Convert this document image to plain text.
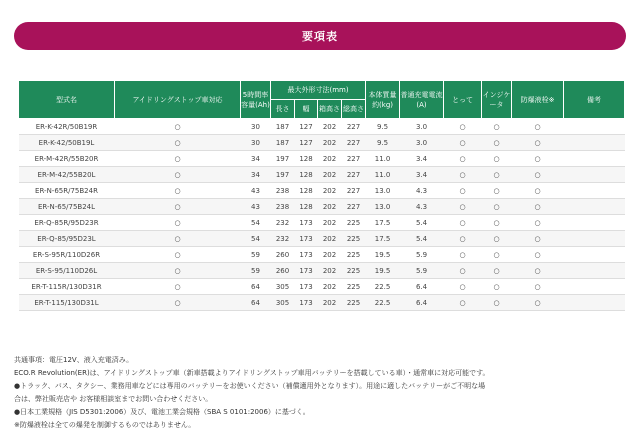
要項表
型式名	アイドリングストップ車対応	5時間率容量(Ah)	最大外形寸法(mm)				本体質量約(kg)	普通充電電流(A)	とって	インジケータ	防爆液栓※	備考
			長さ	幅	箱高さ	総高さ						
ER-K-42R/50B19R	○	30	187	127	202	227	9.5	3.0	○	○	○	
ER-K-42/50B19L	○	30	187	127	202	227	9.5	3.0	○	○	○	
ER-M-42R/55B20R	○	34	197	128	202	227	11.0	3.4	○	○	○	
ER-M-42/55B20L	○	34	197	128	202	227	11.0	3.4	○	○	○	
ER-N-65R/75B24R	○	43	238	128	202	227	13.0	4.3	○	○	○	
ER-N-65/75B24L	○	43	238	128	202	227	13.0	4.3	○	○	○	
ER-Q-85R/95D23R	○	54	232	173	202	225	17.5	5.4	○	○	○	
ER-Q-85/95D23L	○	54	232	173	202	225	17.5	5.4	○	○	○	
ER-S-95R/110D26R	○	59	260	173	202	225	19.5	5.9	○	○	○	
ER-S-95/110D26L	○	59	260	173	202	225	19.5	5.9	○	○	○	
ER-T-115R/130D31R	○	64	305	173	202	225	22.5	6.4	○	○	○	
ER-T-115/130D31L	○	64	305	173	202	225	22.5	6.4	○	○	○	
共通事項：電圧12V、液入充電済み。
ECO.R Revolution(ER)は、アイドリングストップ車（新車搭載よりアイドリングストップ車用バッテリーを搭載している車）・通常車に対応可能です。
●トラック、バス、タクシー、業務用車などには専用のバッテリーをお使いください（補償適用外となります）。用途に適したバッテリーがご不明な場
合は、弊社販売店や お客様相談室までお問い合わせください。
●日本工業規格（JIS D5301:2006）及び、電池工業会規格（SBA S 0101:2006）に基づく。
※防爆液栓は全ての爆発を制御するものではありません。
